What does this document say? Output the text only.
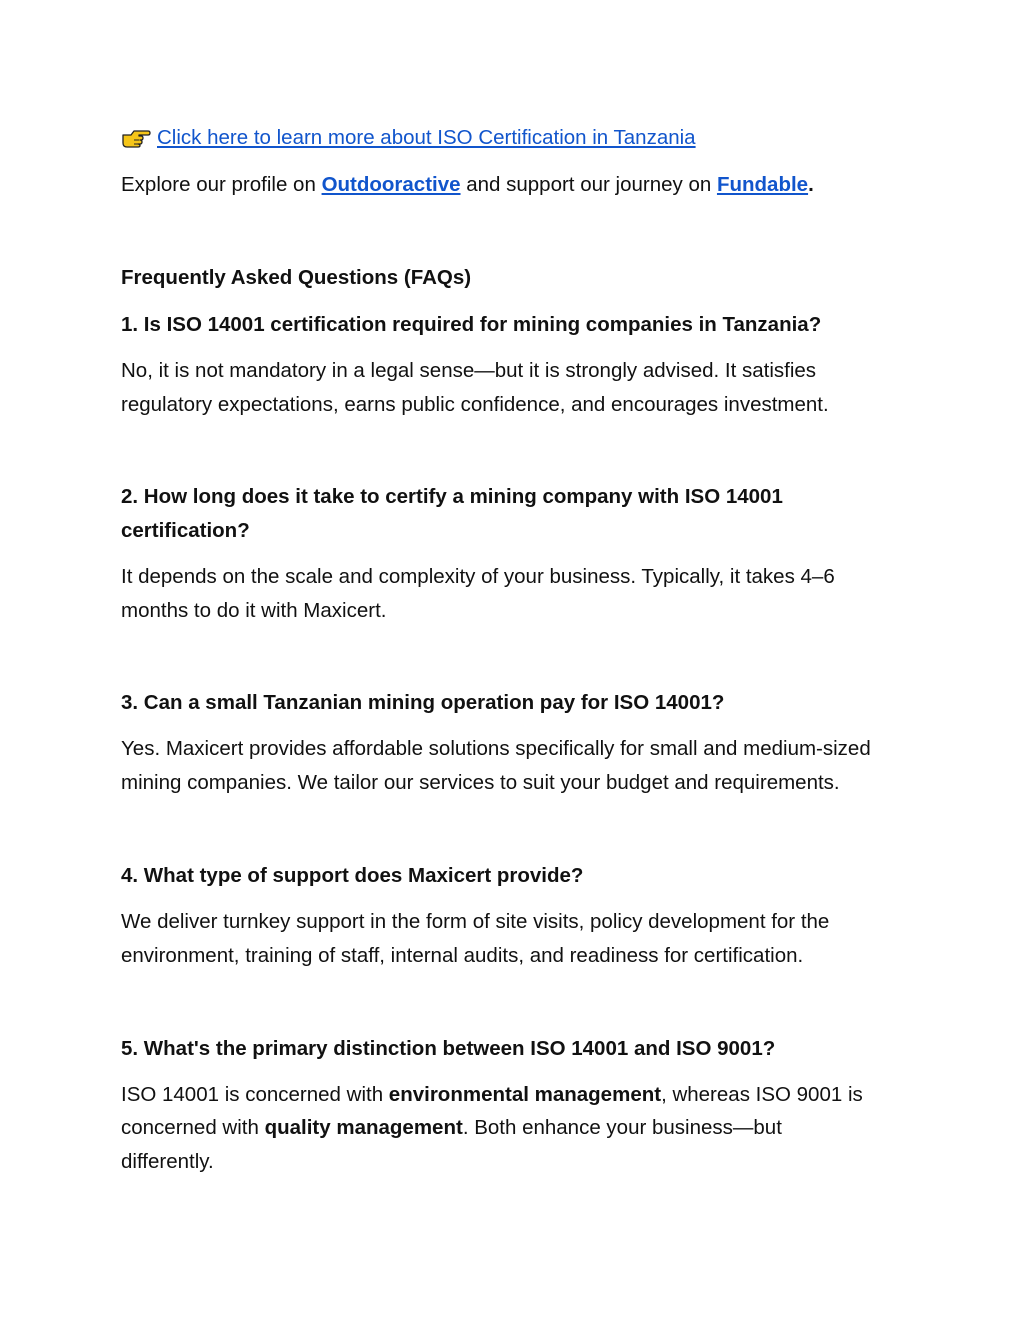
Click here to learn more about ISO Certification in Tanzania
Explore our profile on Outdooractive and support our journey on Fundable.
Frequently Asked Questions (FAQs)
1. Is ISO 14001 certification required for mining companies in Tanzania?
No, it is not mandatory in a legal sense—but it is strongly advised. It satisfies
regulatory expectations, earns public confidence, and encourages investment.
2. How long does it take to certify a mining company with ISO 14001
certification?
It depends on the scale and complexity of your business. Typically, it takes 4–6
months to do it with Maxicert.
3. Can a small Tanzanian mining operation pay for ISO 14001?
Yes. Maxicert provides affordable solutions specifically for small and medium-sized
mining companies. We tailor our services to suit your budget and requirements.
4. What type of support does Maxicert provide?
We deliver turnkey support in the form of site visits, policy development for the
environment, training of staff, internal audits, and readiness for certification.
5. What's the primary distinction between ISO 14001 and ISO 9001?
ISO 14001 is concerned with environmental management, whereas ISO 9001 is
concerned with quality management. Both enhance your business—but
differently.
